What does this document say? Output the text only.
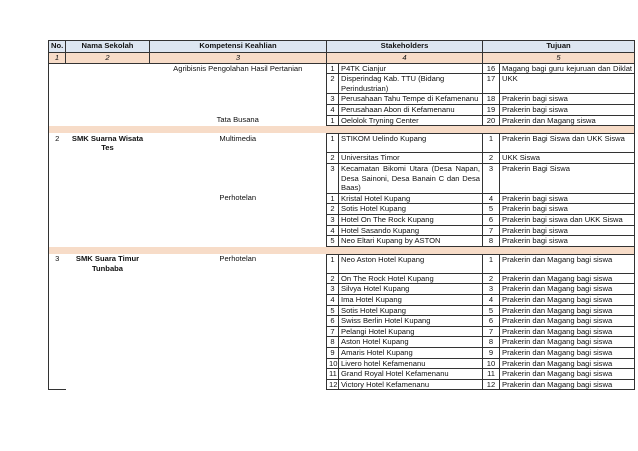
No.	Nama Sekolah	Kompetensi Keahlian	Stakeholders		Tujuan	
1	2	3	4		5	
		Agribisnis Pengolahan Hasil Pertanian	1	P4TK Cianjur	16	Magang bagi guru kejuruan dan Diklat
			2	Disperindag Kab. TTU (Bidang Perindustrian)	17	UKK
			3	Perusahaan Tahu Tempe di Kefamenanu	18	Prakerin bagi siswa
			4	Perusahaan Abon di Kefamenanu	19	Prakerin bagi siswa
		Tata Busana	1	Oelolok Tryning Center	20	Prakerin dan Magang siswa

2	SMK Suarna Wisata Tes	Multimedia	1	STIKOM Uelindo Kupang	1	Prakerin Bagi Siswa dan UKK Siswa
			2	Universitas Timor	2	UKK Siswa
			3	Kecamatan Bikomi Utara (Desa Napan, Desa Sainoni, Desa Banain C dan Desa Baas)	3	Prakerin Bagi Siswa
		Perhotelan	1	Kristal Hotel Kupang	4	Prakerin bagi siswa
			2	Sotis Hotel Kupang	5	Prakerin bagi siswa
			3	Hotel On The Rock Kupang	6	Prakerin bagi siswa dan UKK Siswa
			4	Hotel Sasando Kupang	7	Prakerin bagi siswa
			5	Neo Eltari Kupang by ASTON	8	Prakerin bagi siswa

3	SMK Suara Timur Tunbaba	Perhotelan	1	Neo Aston Hotel Kupang	1	Prakerin dan Magang bagi siswa
			2	On The Rock Hotel Kupang	2	Prakerin dan Magang bagi siswa
			3	Silvya Hotel Kupang	3	Prakerin dan Magang bagi siswa
			4	Ima Hotel Kupang	4	Prakerin dan Magang bagi siswa
			5	Sotis Hotel Kupang	5	Prakerin dan Magang bagi siswa
			6	Swiss Berlin Hotel Kupang	6	Prakerin dan Magang bagi siswa
			7	Pelangi Hotel Kupang	7	Prakerin dan Magang bagi siswa
			8	Aston Hotel Kupang	8	Prakerin dan Magang bagi siswa
			9	Amaris Hotel Kupang	9	Prakerin dan Magang bagi siswa
			10	Livero hotel Kefamenanu	10	Prakerin dan Magang bagi siswa
			11	Grand Royal Hotel Kefamenanu	11	Prakerin dan Magang bagi siswa
			12	Victory Hotel Kefamenanu	12	Prakerin dan Magang bagi siswa
